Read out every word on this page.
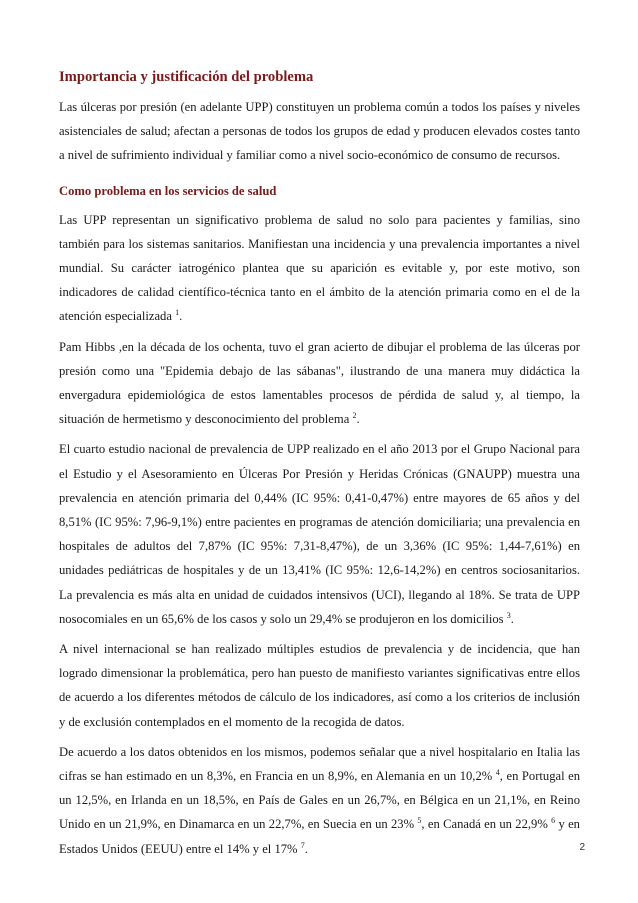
Importancia y justificación del problema

Las úlceras por presión (en adelante UPP) constituyen un problema común a todos los países y niveles asistenciales de salud; afectan a personas de todos los grupos de edad y producen elevados costes tanto a nivel de sufrimiento individual y familiar como a nivel socio-económico de consumo de recursos.

Como problema en los servicios de salud

Las UPP representan un significativo problema de salud no solo para pacientes y familias, sino también para los sistemas sanitarios. Manifiestan una incidencia y una prevalencia importantes a nivel mundial. Su carácter iatrogénico plantea que su aparición es evitable y, por este motivo, son indicadores de calidad científico-técnica tanto en el ámbito de la atención primaria como en el de la atención especializada $^1$.

Pam Hibbs ,en la década de los ochenta, tuvo el gran acierto de dibujar el problema de las úlceras por presión como una "Epidemia debajo de las sábanas", ilustrando de una manera muy didáctica la envergadura epidemiológica de estos lamentables procesos de pérdida de salud y, al tiempo, la situación de hermetismo y desconocimiento del problema $^2$.

El cuarto estudio nacional de prevalencia de UPP realizado en el año 2013 por el Grupo Nacional para el Estudio y el Asesoramiento en Úlceras Por Presión y Heridas Crónicas (GNAUPP) muestra una prevalencia en atención primaria del 0,44% (IC 95%: 0,41-0,47%) entre mayores de 65 años y del 8,51% (IC 95%: 7,96-9,1%) entre pacientes en programas de atención domiciliaria; una prevalencia en hospitales de adultos del 7,87% (IC 95%: 7,31-8,47%), de un 3,36% (IC 95%: 1,44-7,61%) en unidades pediátricas de hospitales y de un 13,41% (IC 95%: 12,6-14,2%) en centros sociosanitarios. La prevalencia es más alta en unidad de cuidados intensivos (UCI), llegando al 18%. Se trata de UPP nosocomiales en un 65,6% de los casos y solo un 29,4% se produjeron en los domicilios $^3$.

A nivel internacional se han realizado múltiples estudios de prevalencia y de incidencia, que han logrado dimensionar la problemática, pero han puesto de manifiesto variantes significativas entre ellos de acuerdo a los diferentes métodos de cálculo de los indicadores, así como a los criterios de inclusión y de exclusión contemplados en el momento de la recogida de datos.

De acuerdo a los datos obtenidos en los mismos, podemos señalar que a nivel hospitalario en Italia las cifras se han estimado en un 8,3%, en Francia en un 8,9%, en Alemania en un 10,2% $^4$, en Portugal en un 12,5%, en Irlanda en un 18,5%, en País de Gales en un 26,7%, en Bélgica en un 21,1%, en Reino Unido en un 21,9%, en Dinamarca en un 22,7%, en Suecia en un 23% $^5$, en Canadá en un 22,9% $^6$ y en Estados Unidos (EEUU) entre el 14% y el 17% $^7$.	2
